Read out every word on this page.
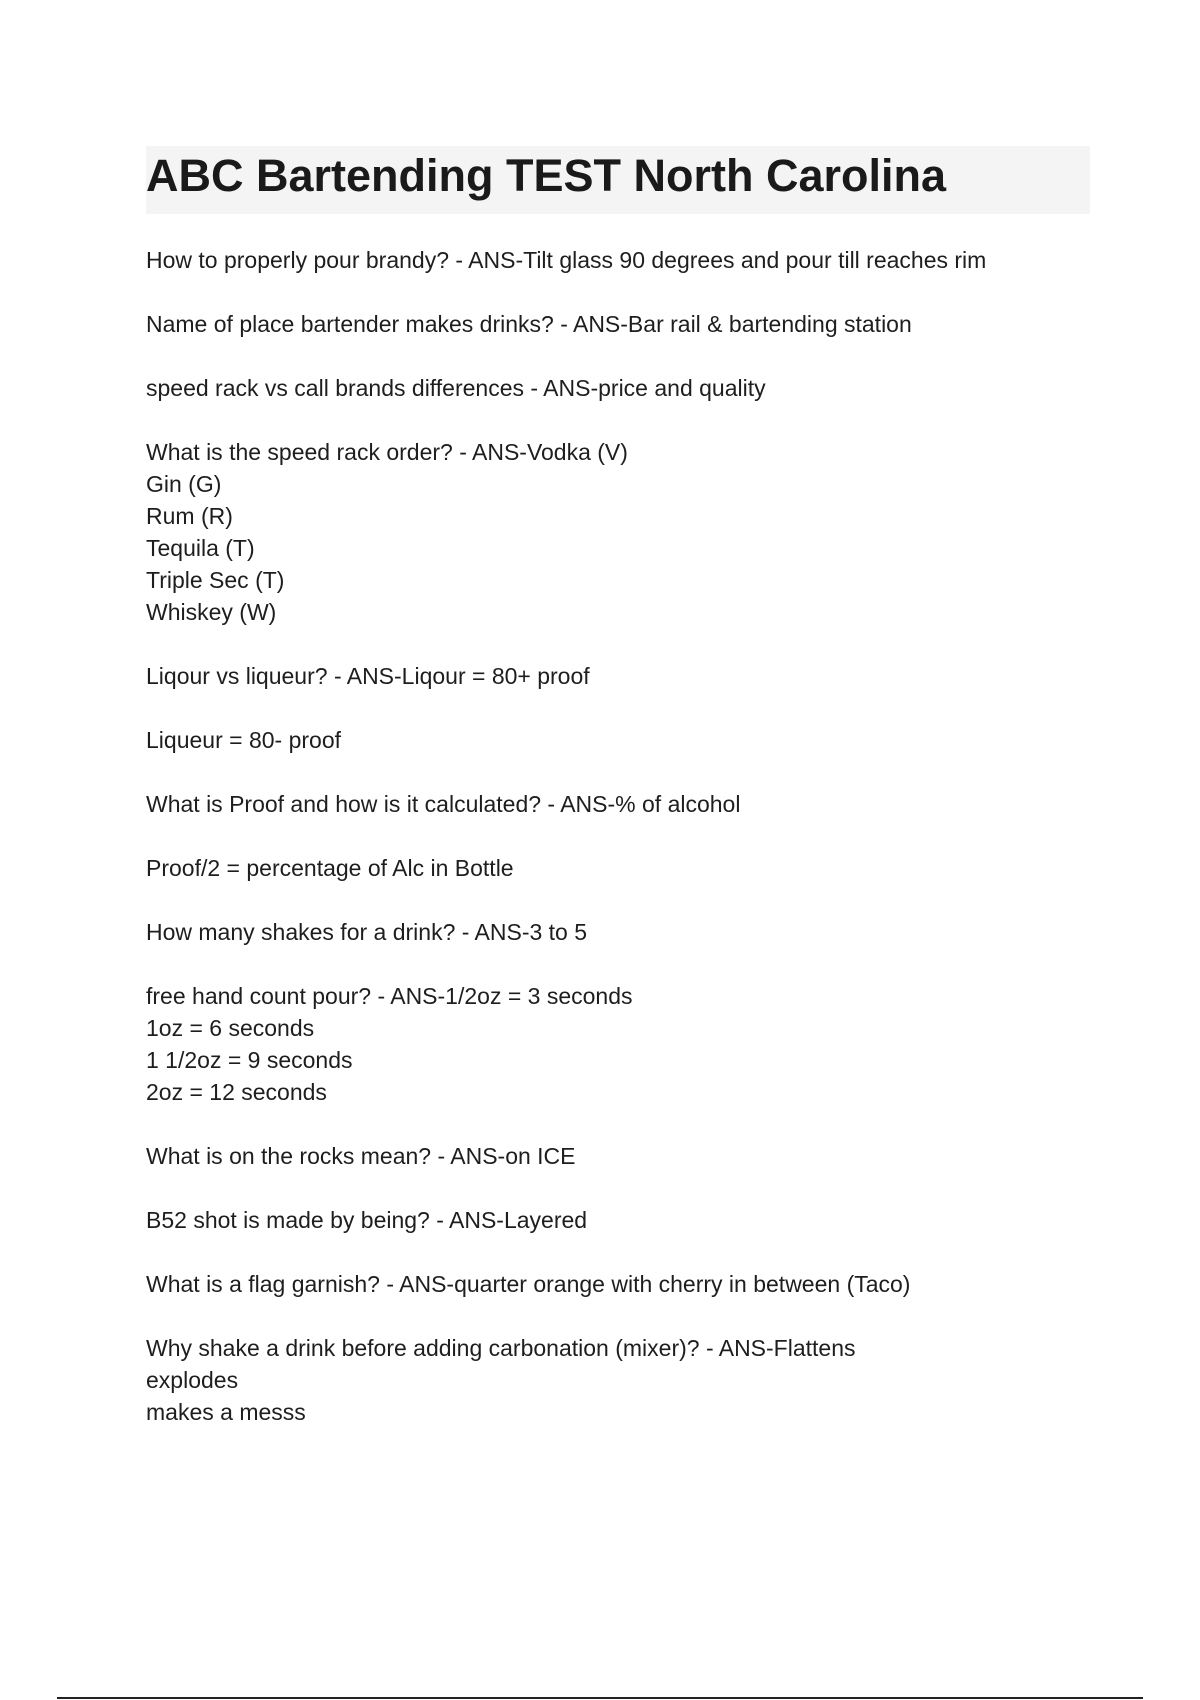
ABC Bartending TEST North Carolina
How to properly pour brandy? - ANS-Tilt glass 90 degrees and pour till reaches rim
Name of place bartender makes drinks? - ANS-Bar rail & bartending station
speed rack vs call brands differences - ANS-price and quality
What is the speed rack order? - ANS-Vodka (V)
Gin (G)
Rum (R)
Tequila (T)
Triple Sec (T)
Whiskey (W)
Liqour vs liqueur? - ANS-Liqour = 80+ proof
Liqueur = 80- proof
What is Proof and how is it calculated? - ANS-% of alcohol
Proof/2 = percentage of Alc in Bottle
How many shakes for a drink? - ANS-3 to 5
free hand count pour? - ANS-1/2oz = 3 seconds
1oz = 6 seconds
1 1/2oz = 9 seconds
2oz = 12 seconds
What is on the rocks mean? - ANS-on ICE
B52 shot is made by being? - ANS-Layered
What is a flag garnish? - ANS-quarter orange with cherry in between (Taco)
Why shake a drink before adding carbonation (mixer)? - ANS-Flattens
explodes
makes a messs
